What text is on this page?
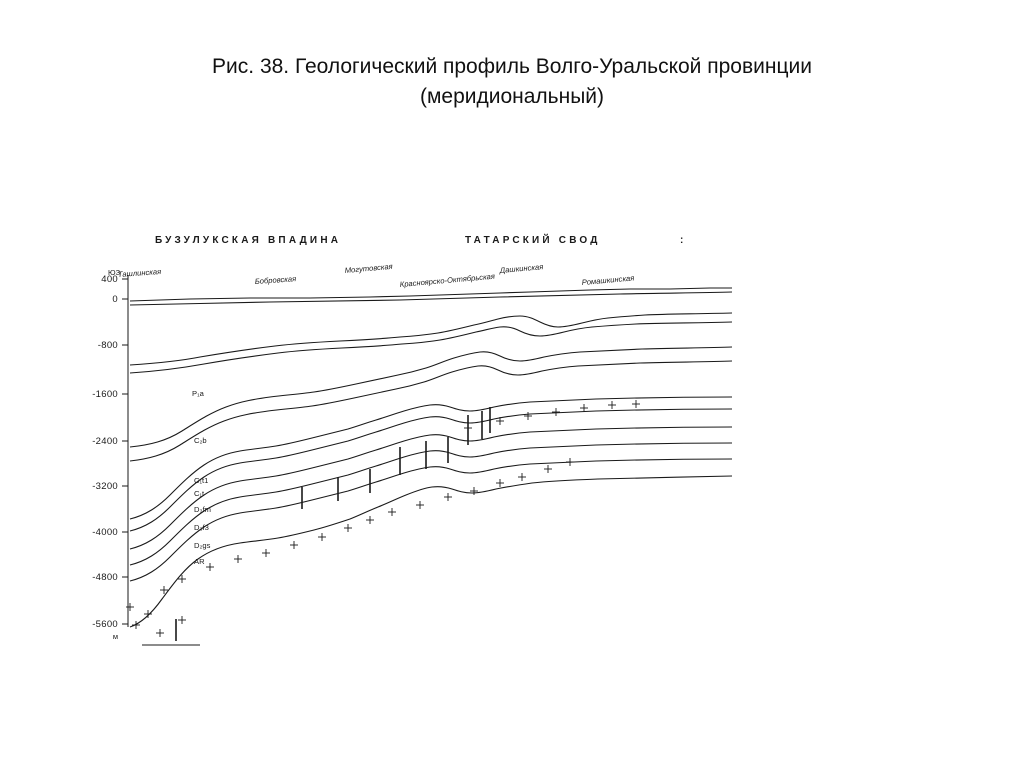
Рис. 38. Геологический профиль Волго-Уральской провинции
(меридиональный)
БУЗУЛУКСКАЯ ВПАДИНА	ТАТАРСКИЙ СВОД	:
ЮЗ
Ташлинская
Бобровская
Могутовская
Красноярско-Октябрьская	Ромашкинская
Дашкинская
400
0
-800
-1600
-2400
-3200
-4000
-4800
-5600
м
P₁a
C₂b
C₁t1
C₁t
D₃fm
D₃f3
D₂gs
AR
